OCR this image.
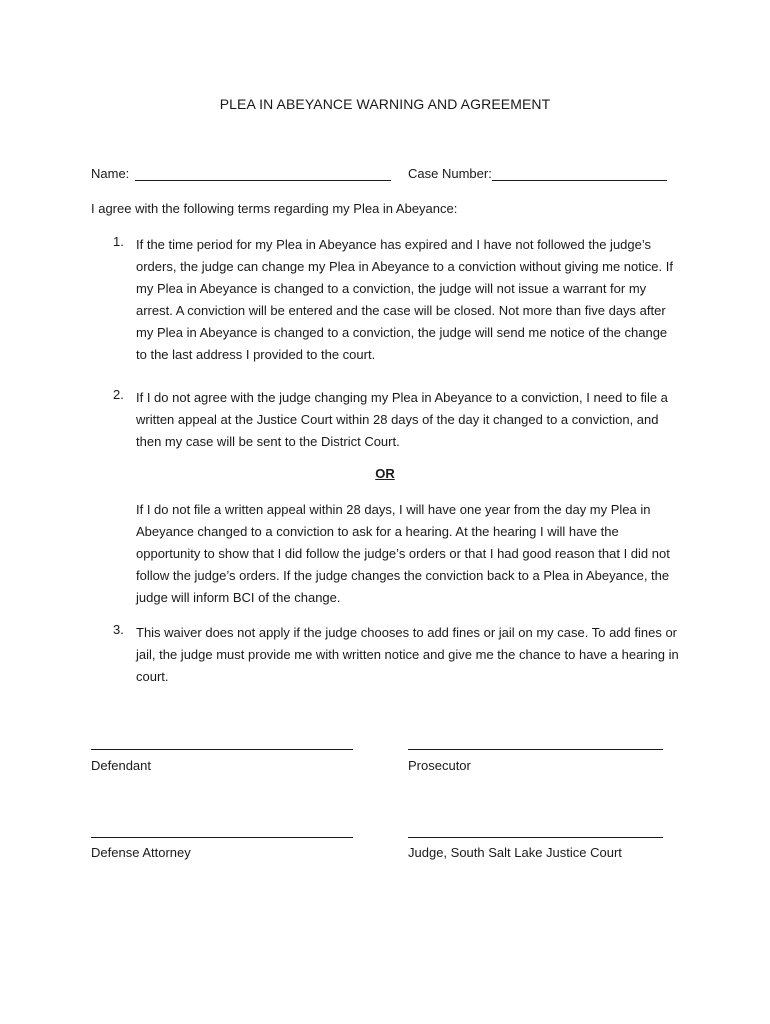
PLEA IN ABEYANCE WARNING AND AGREEMENT
Name:	Case Number:
I agree with the following terms regarding my Plea in Abeyance:
1. If the time period for my Plea in Abeyance has expired and I have not followed the judge’s orders, the judge can change my Plea in Abeyance to a conviction without giving me notice. If my Plea in Abeyance is changed to a conviction, the judge will not issue a warrant for my arrest. A conviction will be entered and the case will be closed. Not more than five days after my Plea in Abeyance is changed to a conviction, the judge will send me notice of the change to the last address I provided to the court.
2. If I do not agree with the judge changing my Plea in Abeyance to a conviction, I need to file a written appeal at the Justice Court within 28 days of the day it changed to a conviction, and then my case will be sent to the District Court.
OR
If I do not file a written appeal within 28 days, I will have one year from the day my Plea in Abeyance changed to a conviction to ask for a hearing. At the hearing I will have the opportunity to show that I did follow the judge’s orders or that I had good reason that I did not follow the judge’s orders. If the judge changes the conviction back to a Plea in Abeyance, the judge will inform BCI of the change.
3. This waiver does not apply if the judge chooses to add fines or jail on my case. To add fines or jail, the judge must provide me with written notice and give me the chance to have a hearing in court.
Defendant	Prosecutor
Defense Attorney	Judge, South Salt Lake Justice Court
